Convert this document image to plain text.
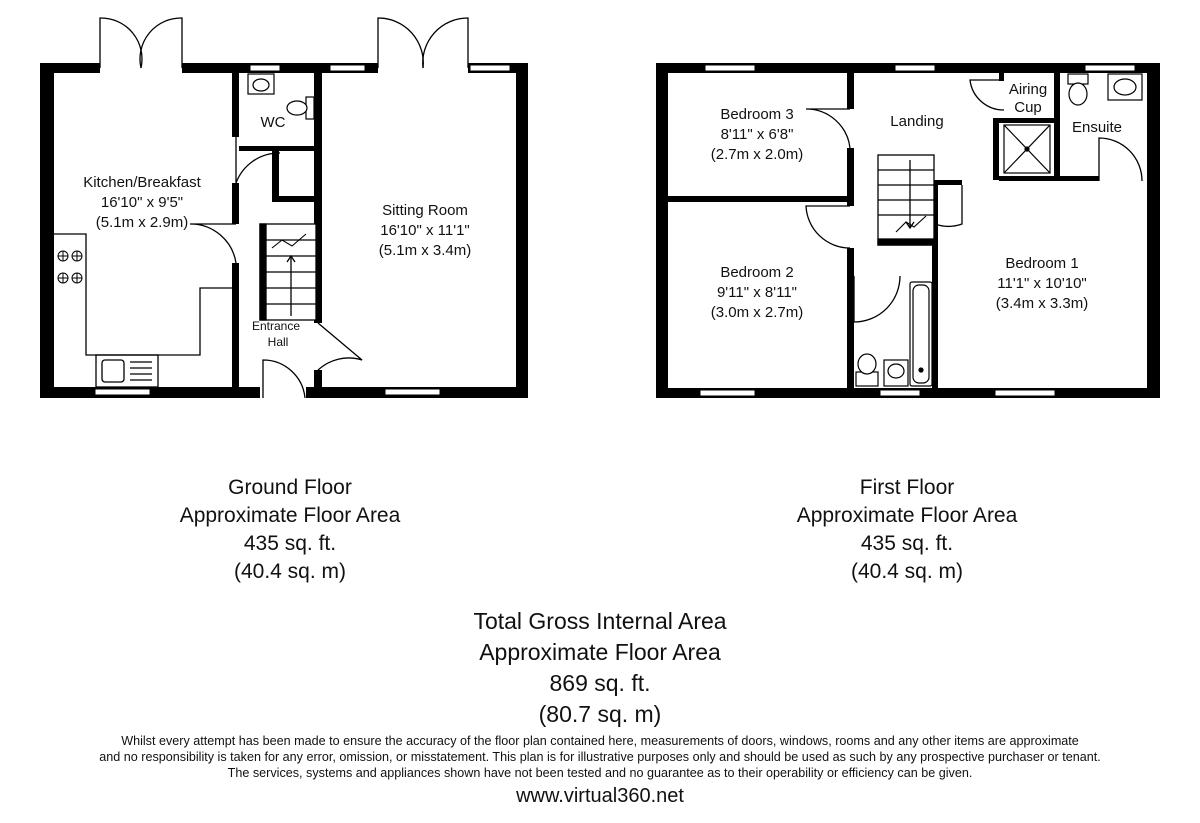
Kitchen/Breakfast
16'10" x 9'5"
(5.1m x 2.9m)
WC
Sitting Room
16'10" x 11'1"
(5.1m x 3.4m)
Entrance
Hall
Bedroom 3
8'11" x 6'8"
(2.7m x 2.0m)
Landing
Airing
Cup
Ensuite
Bedroom 2
9'11" x 8'11"
(3.0m x 2.7m)
Bedroom 1
11'1" x 10'10"
(3.4m x 3.3m)
Ground Floor
Approximate Floor Area
435 sq. ft.
(40.4 sq. m)
First Floor
Approximate Floor Area
435 sq. ft.
(40.4 sq. m)
Total Gross Internal Area
Approximate Floor Area
869 sq. ft.
(80.7 sq. m)
Whilst every attempt has been made to ensure the accuracy of the floor plan contained here, measurements of doors, windows, rooms and any other items are approximate
and no responsibility is taken for any error, omission, or misstatement. This plan is for illustrative purposes only and should be used as such by any prospective purchaser or tenant.
The services, systems and appliances shown have not been tested and no guarantee as to their operability or efficiency can be given.
www.virtual360.net
